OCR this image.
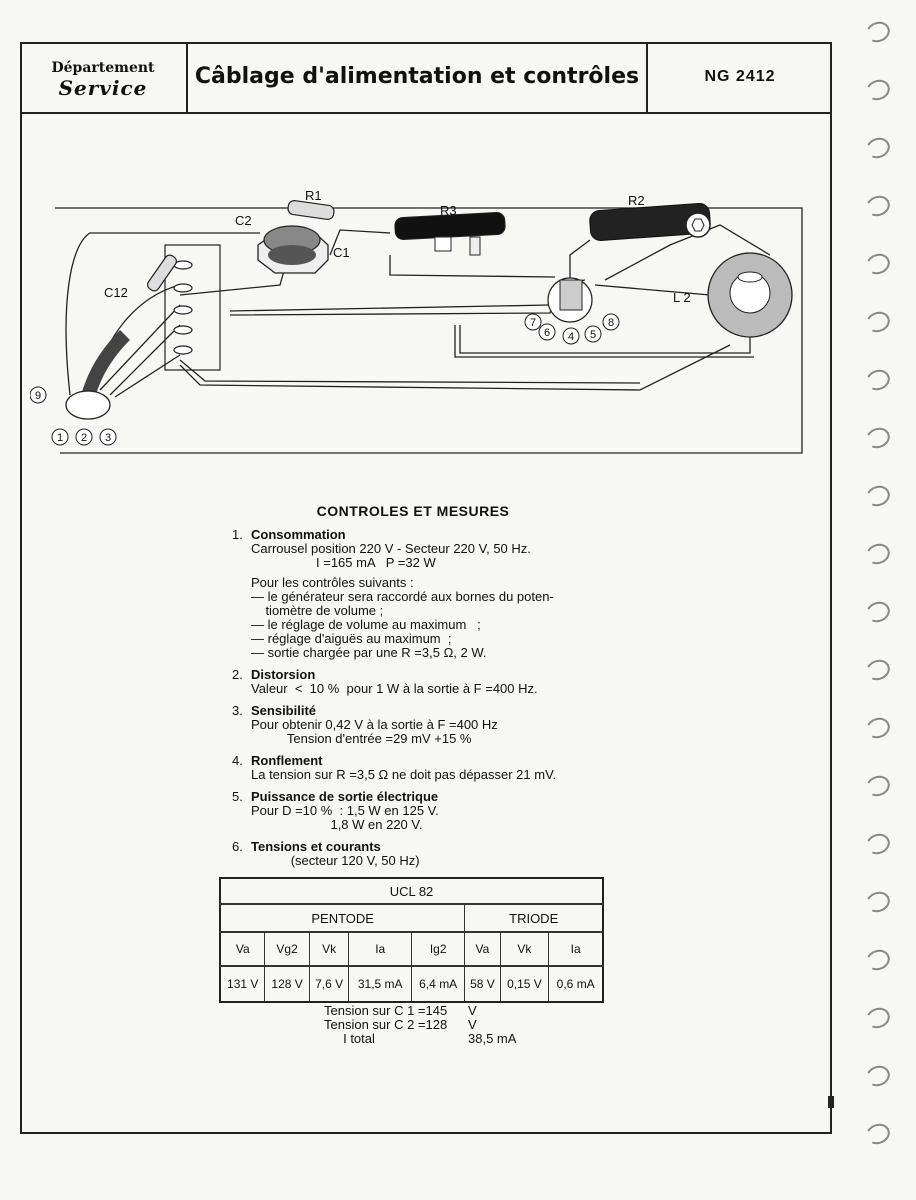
Département
Service	Câblage d'alimentation et contrôles	NG 2412
R1
C2
C1
R3
R2
C12	L 2
9
1 2 3
7
6 4 5
8
CONTROLES ET MESURES
1. Consommation
Carrousel position 220 V - Secteur 220 V, 50 Hz.
I =165 mA   P =32 W
Pour les contrôles suivants :
— le générateur sera raccordé aux bornes du poten-
tiomètre de volume ;
— le réglage de volume au maximum   ;
— réglage d'aiguës au maximum  ;
— sortie chargée par une R =3,5 Ω, 2 W.
2. Distorsion
Valeur  <  10 %  pour 1 W à la sortie à F =400 Hz.
3. Sensibilité
Pour obtenir 0,42 V à la sortie à F =400 Hz
Tension d'entrée =29 mV +15 %
4. Ronflement
La tension sur R =3,5 Ω ne doit pas dépasser 21 mV.
5. Puissance de sortie électrique
Pour D =10 %  : 1,5 W en 125 V.
1,8 W en 220 V.
6. Tensions et courants
(secteur 120 V, 50 Hz)
UCL 82							
PENTODE					TRIODE		
Va	Vg2	Vk	Ia	Ig2	Va	Vk	Ia
131 V	128 V	7,6 V	31,5 mA	6,4 mA	58 V	0,15 V	0,6 mA
Tension sur C 1 =145	V
Tension sur C 2 =128	V
I total	38,5 mA
